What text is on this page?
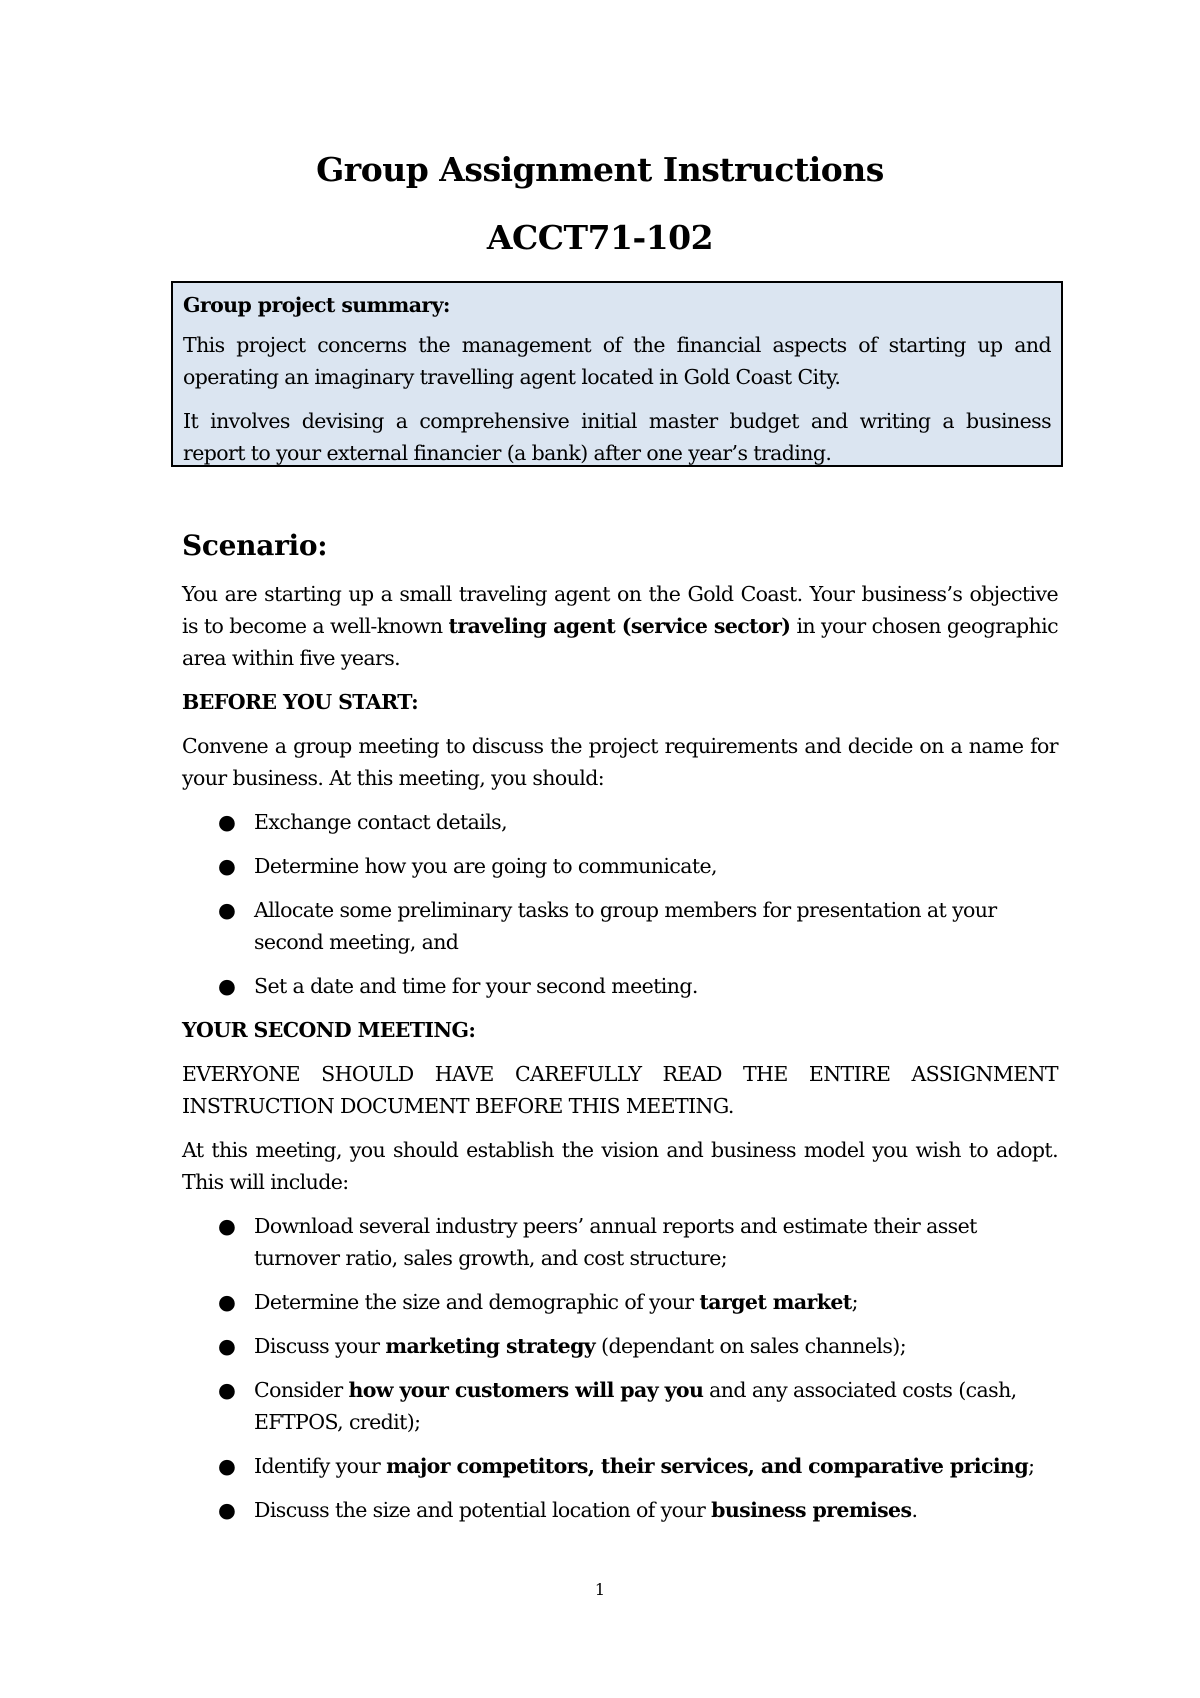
Group Assignment Instructions
ACCT71-102

Group project summary:

This project concerns the management of the financial aspects of starting up and operating an imaginary travelling agent located in Gold Coast City.

It involves devising a comprehensive initial master budget and writing a business report to your external financier (a bank) after one year’s trading.

Scenario:

You are starting up a small traveling agent on the Gold Coast. Your business’s objective is to become a well-known traveling agent (service sector) in your chosen geographic area within five years.

BEFORE YOU START:

Convene a group meeting to discuss the project requirements and decide on a name for your business. At this meeting, you should:

● Exchange contact details,
● Determine how you are going to communicate,
● Allocate some preliminary tasks to group members for presentation at your second meeting, and
● Set a date and time for your second meeting.

YOUR SECOND MEETING:

EVERYONE SHOULD HAVE CAREFULLY READ THE ENTIRE ASSIGNMENT INSTRUCTION DOCUMENT BEFORE THIS MEETING.

At this meeting, you should establish the vision and business model you wish to adopt. This will include:

● Download several industry peers’ annual reports and estimate their asset turnover ratio, sales growth, and cost structure;
● Determine the size and demographic of your target market;
● Discuss your marketing strategy (dependant on sales channels);
● Consider how your customers will pay you and any associated costs (cash, EFTPOS, credit);
● Identify your major competitors, their services, and comparative pricing;
● Discuss the size and potential location of your business premises.
1
